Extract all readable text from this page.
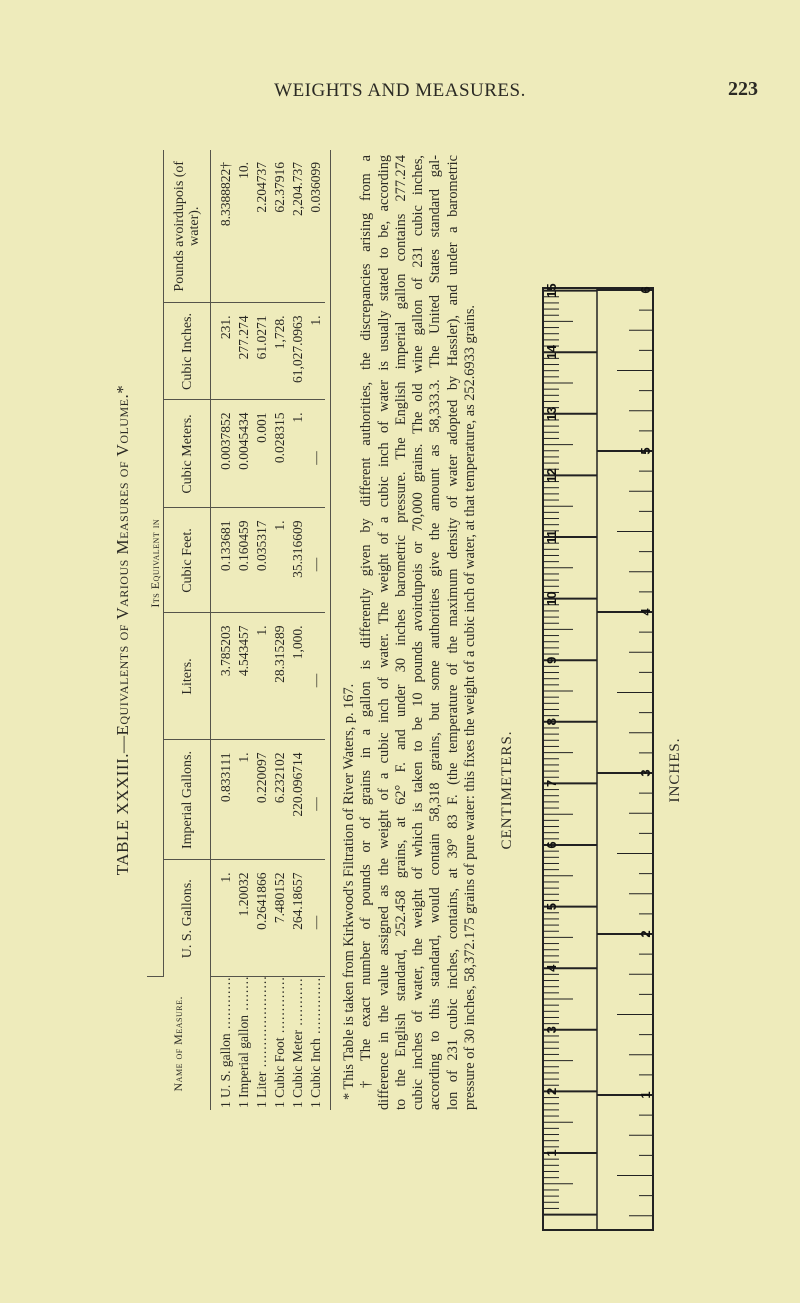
WEIGHTS AND MEASURES.	223
TABLE XXXIII.—Equivalents of Various Measures of Volume.*
Name of Measure.	Its Equivalent in						
	U. S. Gallons.	Imperial Gallons.	Liters.	Cubic Feet.	Cubic Meters.	Cubic Inches.	Pounds avoirdupois (of water).
1 U. S. gallon .....	1.	0.833111	3.785203	0.133681	0.0037852	231.	8.3388822†
1 Imperial gallon .....	1.20032	1.	4.543457	0.160459	0.0045434	277.274	10.
1 Liter .....	0.2641866	0.220097	1.	0.035317	0.001	61.0271	2.204737
1 Cubic Foot .....	7.480152	6.232102	28.315289	1.	0.028315	1,728.	62.37916
1 Cubic Meter .....	264.18657	220.096714	1,000.	35.316609	1.	61,027.0963	2,204.737
1 Cubic Inch .....	—	—	—	—	—	1.	0.036099
* This Table is taken from Kirkwood's Filtration of River Waters, p. 167. † The exact number of pounds or of grains in a gallon is differently given by different authorities, the discrepancies arising from a difference in the value assigned as the weight of a cubic inch of water. The weight of a cubic inch of water is usually stated to be, according to the English standard, 252.458 grains, at 62° F. and under 30 inches barometric pressure. The English imperial gallon contains 277.274 cubic inches of water, the weight of which is taken to be 10 pounds avoirdupois or 70,000 grains. The old wine gallon of 231 cubic inches, according to this standard, would contain 58,318 grains, but some authorities give the amount as 58,333.3. The United States standard gal- lon of 231 cubic inches, contains, at 39° 83 F. (the temperature of the maximum density of water adopted by Hassler), and under a barometric pressure of 30 inches, 58,372.175 grains of pure water: this fixes the weight of a cubic inch of water, at that temperature, as 252.6933 grains. CENTIMETERS.
1
2
3
4
5
6
7
8
9
10
11
12
13
14
15
1
2
3
4
5
6
INCHES.
